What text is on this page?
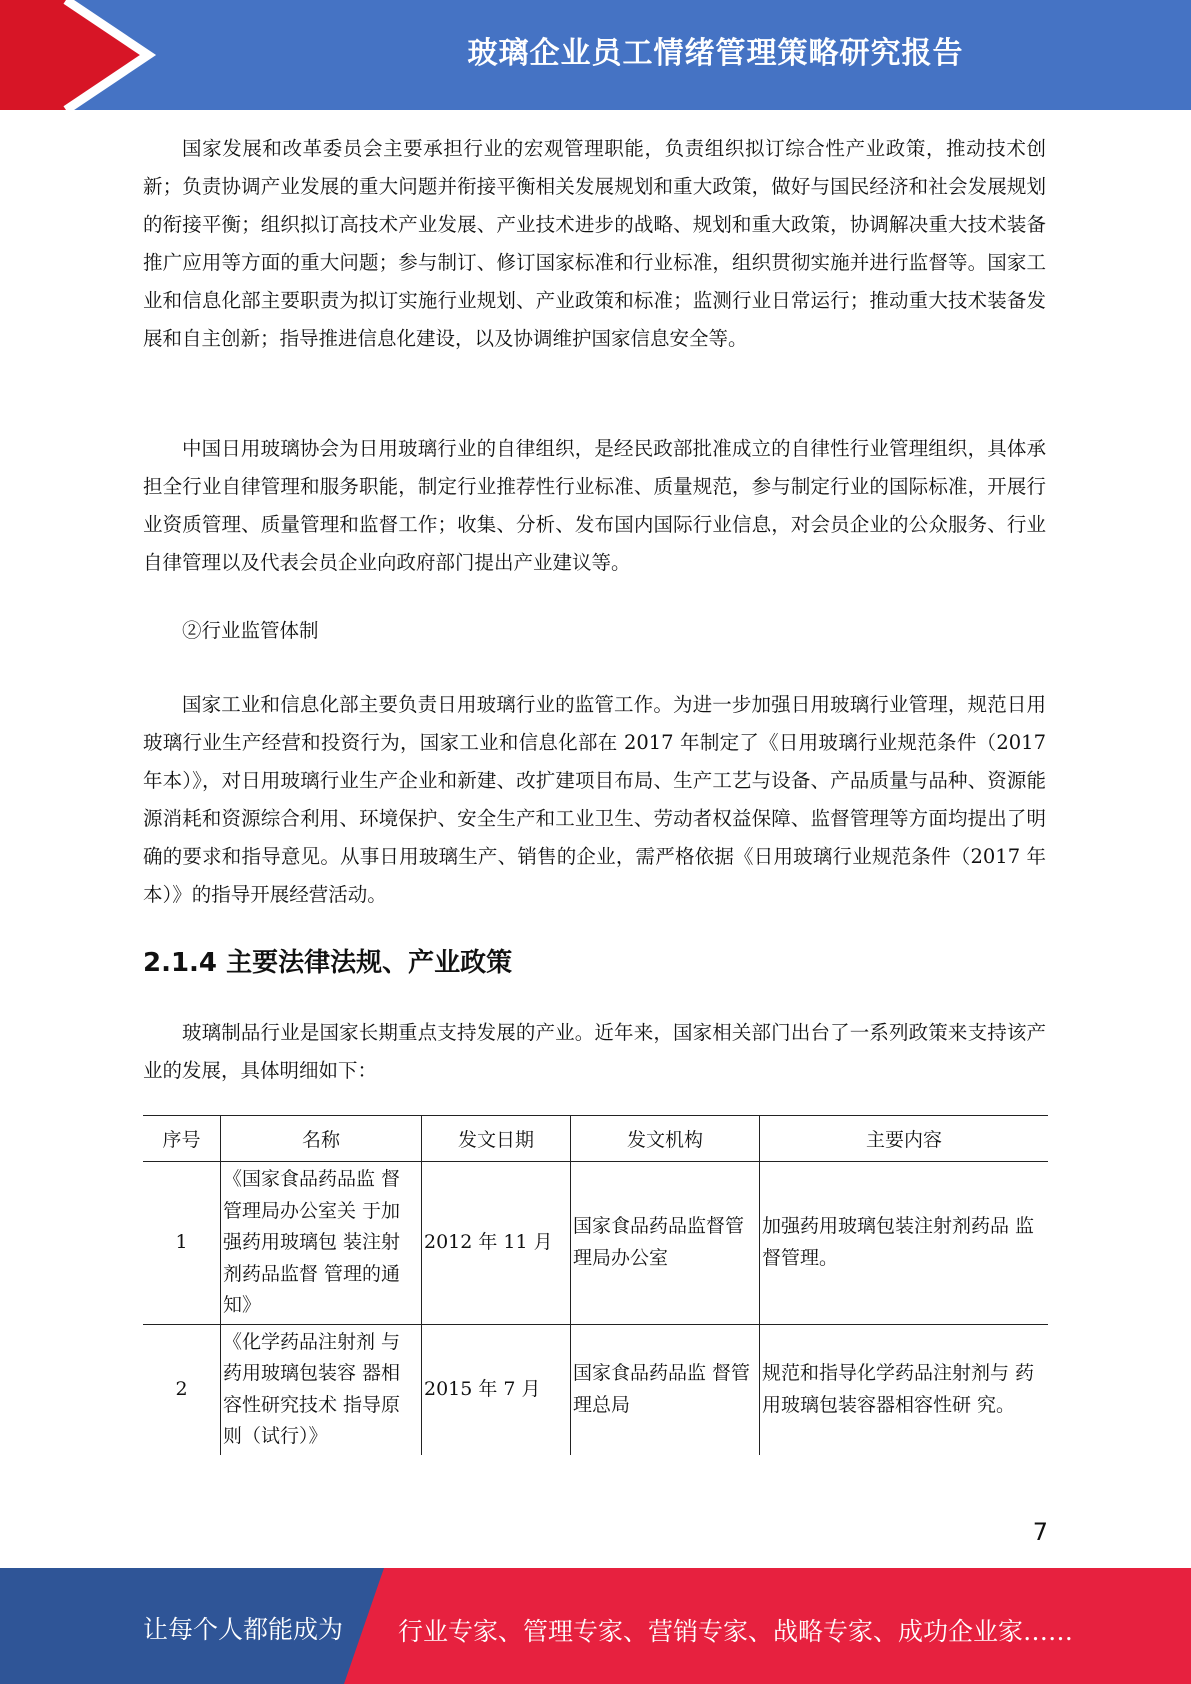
玻璃企业员工情绪管理策略研究报告

国家发展和改革委员会主要承担行业的宏观管理职能，负责组织拟订综合性产业政策，推动技术创新；负责协调产业发展的重大问题并衔接平衡相关发展规划和重大政策，做好与国民经济和社会发展规划的衔接平衡；组织拟订高技术产业发展、产业技术进步的战略、规划和重大政策，协调解决重大技术装备推广应用等方面的重大问题；参与制订、修订国家标准和行业标准，组织贯彻实施并进行监督等。国家工业和信息化部主要职责为拟订实施行业规划、产业政策和标准；监测行业日常运行；推动重大技术装备发展和自主创新；指导推进信息化建设，以及协调维护国家信息安全等。

中国日用玻璃协会为日用玻璃行业的自律组织，是经民政部批准成立的自律性行业管理组织，具体承担全行业自律管理和服务职能，制定行业推荐性行业标准、质量规范，参与制定行业的国际标准，开展行业资质管理、质量管理和监督工作；收集、分析、发布国内国际行业信息，对会员企业的公众服务、行业自律管理以及代表会员企业向政府部门提出产业建议等。

②行业监管体制

国家工业和信息化部主要负责日用玻璃行业的监管工作。为进一步加强日用玻璃行业管理，规范日用玻璃行业生产经营和投资行为，国家工业和信息化部在 2017 年制定了《日用玻璃行业规范条件（2017 年本）》，对日用玻璃行业生产企业和新建、改扩建项目布局、生产工艺与设备、产品质量与品种、资源能源消耗和资源综合利用、环境保护、安全生产和工业卫生、劳动者权益保障、监督管理等方面均提出了明确的要求和指导意见。从事日用玻璃生产、销售的企业，需严格依据《日用玻璃行业规范条件（2017 年本）》的指导开展经营活动。

2.1.4 主要法律法规、产业政策

玻璃制品行业是国家长期重点支持发展的产业。近年来，国家相关部门出台了一系列政策来支持该产业的发展，具体明细如下：

序号	名称	发文日期	发文机构	主要内容
1	《国家食品药品监 督管理局办公室关 于加强药用玻璃包 装注射剂药品监督 管理的通知》	2012 年 11 月	国家食品药品监督管理局办公室	加强药用玻璃包装注射剂药品 监督管理。
2	《化学药品注射剂 与药用玻璃包装容 器相容性研究技术 指导原则（试行）》	2015 年 7 月	国家食品药品监 督管理总局	规范和指导化学药品注射剂与 药用玻璃包装容器相容性研 究。
7
让每个人都能成为 行业专家、管理专家、营销专家、战略专家、成功企业家……
